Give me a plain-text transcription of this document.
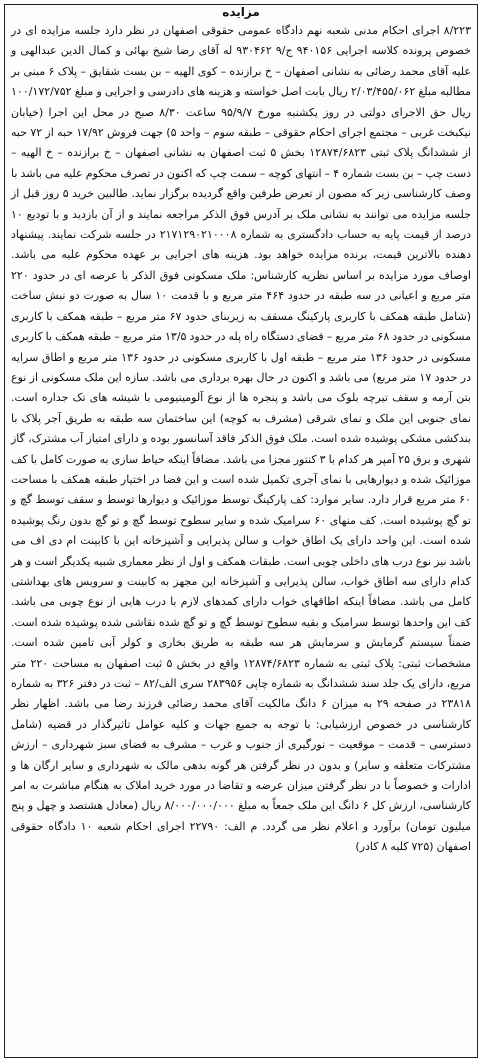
مزایده

۸/۲۲۳ اجرای احکام مدنی شعبه نهم دادگاه عمومی حقوقی اصفهان در نظر دارد جلسه مزایده ای در خصوص پرونده کلاسه اجرایی ۹۴۰۱۵۶ ج/۹ ۹۳۰۴۶۲ له آقای رضا شیخ بهائی و کمال الدین عبدالهی و علیه آقای محمد رضائی به نشانی اصفهان – خ برازنده – کوی الهیه – بن بست شقایق – پلاک ۶ مبنی بر مطالبه مبلغ ۲/۰۳/۴۵۵/۰۶۲ ریال بابت اصل خواسته و هزینه های دادرسی و اجرایی و مبلغ ۱۰۰/۱۷۲/۷۵۲ ریال حق الاجرای دولتی در روز یکشنبه مورخ ۹۵/۹/۷ ساعت ۸/۳۰ صبح در محل این اجرا (خیابان نیکبخت غربی – مجتمع اجرای احکام حقوقی – طبقه سوم – واحد ۵) جهت فروش ۱۷/۹۲ حبه از ۷۲ حبه از ششدانگ پلاک ثبتی ۱۲۸۷۴/۶۸۲۳ بخش ۵ ثبت اصفهان به نشانی اصفهان – خ برازنده – خ الهیه – دست چپ – بن بست شماره ۴ – انتهای کوچه – سمت چپ که اکنون در تصرف محکوم علیه می باشد با وصف کارشناسی زیر که مصون از تعرض طرفین واقع گردیده برگزار نماید. طالبین خرید ۵ روز قبل از جلسه مزایده می توانند به نشانی ملک بر آدرس فوق الذکر مراجعه نمایند و از آن بازدید و با تودیع ۱۰ درصد از قیمت پایه به حساب دادگستری به شماره ۲۱۷۱۲۹۰۲۱۰۰۰۸ در جلسه شرکت نمایند. پیشنهاد دهنده بالاترین قیمت، برنده مزایده خواهد بود. هزینه های اجرایی بر عهده محکوم علیه می باشد. اوصاف مورد مزایده بر اساس نظریه کارشناس: ملک مسکونی فوق الذکر با عرصه ای در حدود ۲۲۰ متر مربع و اعیانی در سه طبقه در حدود ۴۶۴ متر مربع و با قدمت ۱۰ سال به صورت دو نبش ساخت (شامل طبقه همکف با کاربری پارکینگ مسقف به زیربنای حدود ۶۷ متر مربع – طبقه همکف با کاربری مسکونی در حدود ۶۸ متر مربع – فضای دستگاه راه پله در حدود ۱۳/۵ متر مربع – طبقه همکف با کاربری مسکونی در حدود ۱۳۶ متر مربع – طبقه اول با کاربری مسکونی در حدود ۱۳۶ متر مربع و اطاق سرایه در حدود ۱۷ متر مربع) می باشد و اکنون در حال بهره برداری می باشد. سازه این ملک مسکونی از نوع بتن آرمه و سقف تیرچه بلوک می باشد و پنجره ها از نوع آلومینیومی با شیشه های تک جداره است. نمای جنوبی این ملک و نمای شرقی (مشرف به کوچه) این ساختمان سه طبقه به طریق آجر پلاک با بندکشی مشکی پوشیده شده است. ملک فوق الذکر فاقد آسانسور بوده و دارای امتیاز آب مشترک، گاز شهری و برق ۲۵ آمپر هر کدام با ۳ کنتور مجزا می باشد. مضافاً اینکه حیاط سازی به صورت کامل با کف موزائیک شده و دیوارهایی با نمای آجری تکمیل شده است و این فضا در اختیار طبقه همکف با مساحت ۶۰ متر مربع قرار دارد. سایر موارد: کف پارکینگ توسط موزائیک و دیوارها توسط و سقف توسط گچ و تو گچ پوشیده است. کف منهای ۶۰ سرامیک شده و سایر سطوح توسط گچ و تو گچ بدون رنگ پوشیده شده است. این واحد دارای یک اطاق خواب و سالن پذیرایی و آشپزخانه این با کابینت ام دی اف می باشد نیز نوع درب های داخلی چوبی است. طبقات همکف و اول از نظر معماری شبیه یکدیگر است و هر کدام دارای سه اطاق خواب، سالن پذیرایی و آشپزخانه این مجهز به کابینت و سرویس های بهداشتی کامل می باشد. مضافاً اینکه اطاقهای خواب دارای کمدهای لازم با درب هایی از نوع چوبی می باشد. کف این واحدها توسط سرامیک و بقیه سطوح توسط گچ و تو گچ شده نقاشی شده پوشیده شده است. ضمناً سیستم گرمایش و سرمایش هر سه طبقه به طریق بخاری و کولر آبی تامین شده است. مشخصات ثبتی: پلاک ثبتی به شماره ۱۲۸۷۴/۶۸۲۳ واقع در بخش ۵ ثبت اصفهان به مساحت ۲۲۰ متر مربع، دارای یک جلد سند ششدانگ به شماره چاپی ۲۸۳۹۵۶ سری الف/۸۲ – ثبت در دفتر ۳۲۶ به شماره ۲۳۸۱۸ در صفحه ۲۹ به میزان ۶ دانگ مالکیت آقای محمد رضائی فرزند رضا می باشد. اظهار نظر کارشناسی در خصوص ارزشیابی: با توجه به جمیع جهات و کلیه عوامل تاثیرگذار در قضیه (شامل دسترسی – قدمت – موقعیت – نورگیری از جنوب و غرب – مشرف به فضای سبز شهرداری – ارزش مشترکات متعلقه و سایر) و بدون در نظر گرفتن هر گونه بدهی مالک به شهرداری و سایر ارگان ها و ادارات و خصوصاً با در نظر گرفتن میزان عرضه و تقاضا در مورد خرید املاک به هنگام مباشرت به امر کارشناسی، ارزش کل ۶ دانگ این ملک جمعاً به مبلغ ۸/۰۰۰/۰۰۰/۰۰۰ ریال (معادل هشتصد و چهل و پنج میلیون تومان) برآورد و اعلام نظر می گردد. م الف: ۲۲۷۹۰ اجرای احکام شعبه ۱۰ دادگاه حقوقی اصفهان (۷۲۵ کلیه ۸ کادر)
